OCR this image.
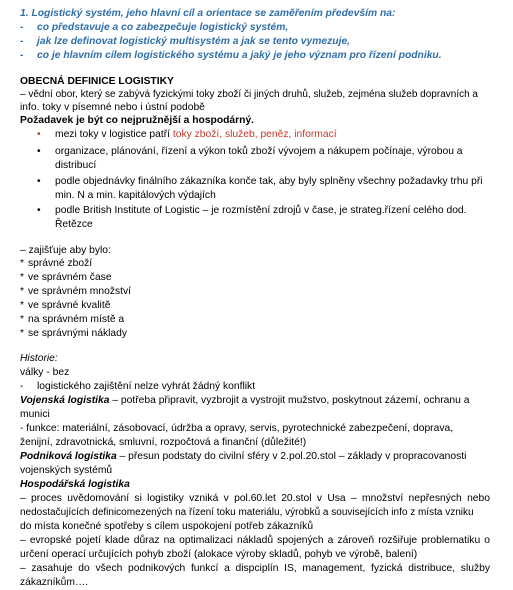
1. Logistický systém, jeho hlavní cíl a orientace se zaměřením především na:
- co představuje a co zabezpečuje logistický systém,
- jak lze definovat logistický multisystém a jak se tento vymezuje,
- co je hlavním cílem logistického systému a jaký je jeho význam pro řízení podniku.
OBECNÁ DEFINICE LOGISTIKY
– vědní obor, který se zabývá fyzickými toky zboží či jiných druhů, služeb, zejména služeb dopravních a
info. toky v písemné nebo i ústní podobě
Požadavek je být co nejpružnější a hospodárný.
• mezi toky v logistice patří toky zboží, služeb, peněz, informací
• organizace, plánování, řízení a výkon toků zboží vývojem a nákupem počínaje, výrobou a
distribucí
• podle objednávky finálního zákazníka konče tak, aby byly splněny všechny požadavky trhu při
min. N a min. kapitálových výdajích
• podle British Institute of Logistic – je rozmístění zdrojů v čase, je strateg.řízení celého dod.
Řetězce
– zajišťuje aby bylo:
* správné zboží
* ve správném čase
* ve správném množství
* ve správné kvalitě
* na správném místě a
* se správnými náklady
Historie:
války - bez
- logistického zajištění nelze vyhrát žádný konflikt
Vojenská logistika – potřeba připravit, vyzbrojit a vystrojit mužstvo, poskytnout zázemí, ochranu a
munici
- funkce: materiální, zásobovací, údržba a opravy, servis, pyrotechnické zabezpečení, doprava,
ženijní, zdravotnická, smluvní, rozpočtová a finanční (důležité!)
Podniková logistika – přesun podstaty do civilní sféry v 2.pol.20.stol – základy v propracovanosti
vojenských systémů
Hospodářská logistika
– proces uvědomování si logistiky vzniká v pol.60.let 20.stol v Usa – množství nepřesných nebo
nedostačujících definicomezených na řízení toku materiálu, výrobků a souvisejících info z místa vzniku
do místa konečné spotřeby s cílem uspokojení potřeb zákazníků
– evropské pojetí klade důraz na optimalizaci nákladů spojených a zároveň rozšiřuje problematiku o
určení operací určujících pohyb zboží (alokace výroby skladů, pohyb ve výrobě, balení)
– zasahuje do všech podnikových funkcí a dispciplín IS, management, fyzická distribuce, služby
zákazníkům….
